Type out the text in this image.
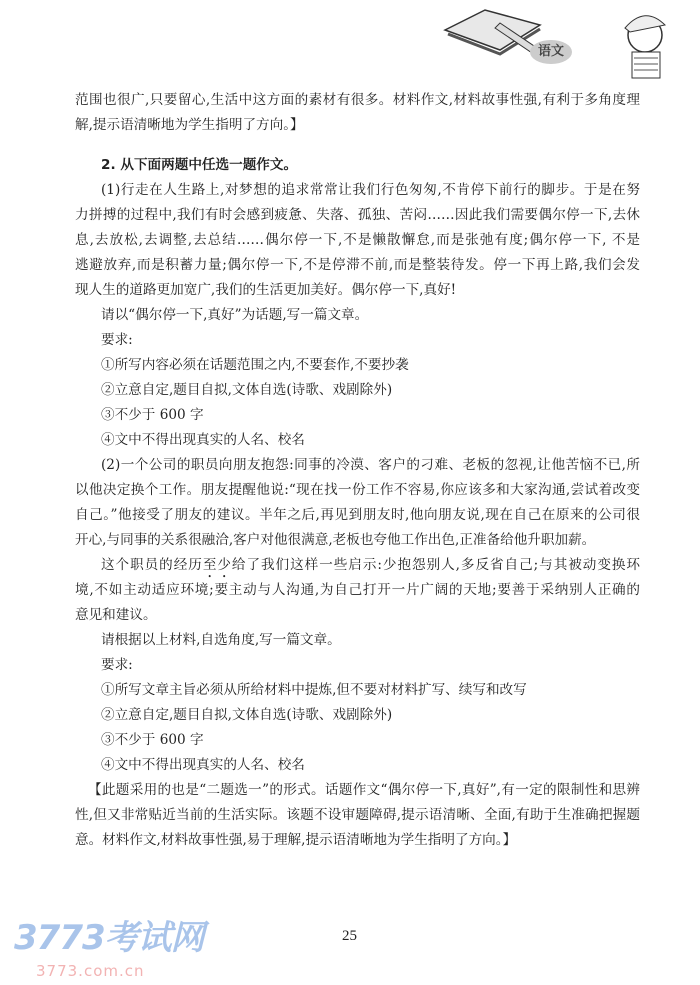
语文
范围也很广,只要留心,生活中这方面的素材有很多。材料作文,材料故事性强,有利于多角度理
解,提示语清晰地为学生指明了方向。】
2. 从下面两题中任选一题作文。
(1)行走在人生路上,对梦想的追求常常让我们行色匆匆,不肯停下前行的脚步。于是在努
力拼搏的过程中,我们有时会感到疲惫、失落、孤独、苦闷……因此我们需要偶尔停一下,去休
息,去放松,去调整,去总结……偶尔停一下,不是懒散懈怠,而是张弛有度;偶尔停一下, 不是
逃避放弃,而是积蓄力量;偶尔停一下,不是停滞不前,而是整装待发。停一下再上路,我们会发
现人生的道路更加宽广,我们的生活更加美好。偶尔停一下,真好!
请以“偶尔停一下,真好”为话题,写一篇文章。
要求:
①所写内容必须在话题范围之内,不要套作,不要抄袭
②立意自定,题目自拟,文体自选(诗歌、戏剧除外)
③不少于 600 字
④文中不得出现真实的人名、校名
(2)一个公司的职员向朋友抱怨:同事的冷漠、客户的刁难、老板的忽视,让他苦恼不已,所
以他决定换个工作。朋友提醒他说:“现在找一份工作不容易,你应该多和大家沟通,尝试着改变
自己。”他接受了朋友的建议。半年之后,再见到朋友时,他向朋友说,现在自己在原来的公司很
开心,与同事的关系很融洽,客户对他很满意,老板也夸他工作出色,正准备给他升职加薪。
这个职员的经历至少给了我们这样一些启示:少抱怨别人,多反省自己;与其被动变换环
境,不如主动适应环境;要主动与人沟通,为自己打开一片广阔的天地;要善于采纳别人正确的
意见和建议。
请根据以上材料,自选角度,写一篇文章。
要求:
①所写文章主旨必须从所给材料中提炼,但不要对材料扩写、续写和改写
②立意自定,题目自拟,文体自选(诗歌、戏剧除外)
③不少于 600 字
④文中不得出现真实的人名、校名
【此题采用的也是“二题选一”的形式。话题作文“偶尔停一下,真好”,有一定的限制性和思辨
性,但又非常贴近当前的生活实际。该题不设审题障碍,提示语清晰、全面,有助于生准确把握题
意。材料作文,材料故事性强,易于理解,提示语清晰地为学生指明了方向。】
3773考试网
3773.com.cn
25
